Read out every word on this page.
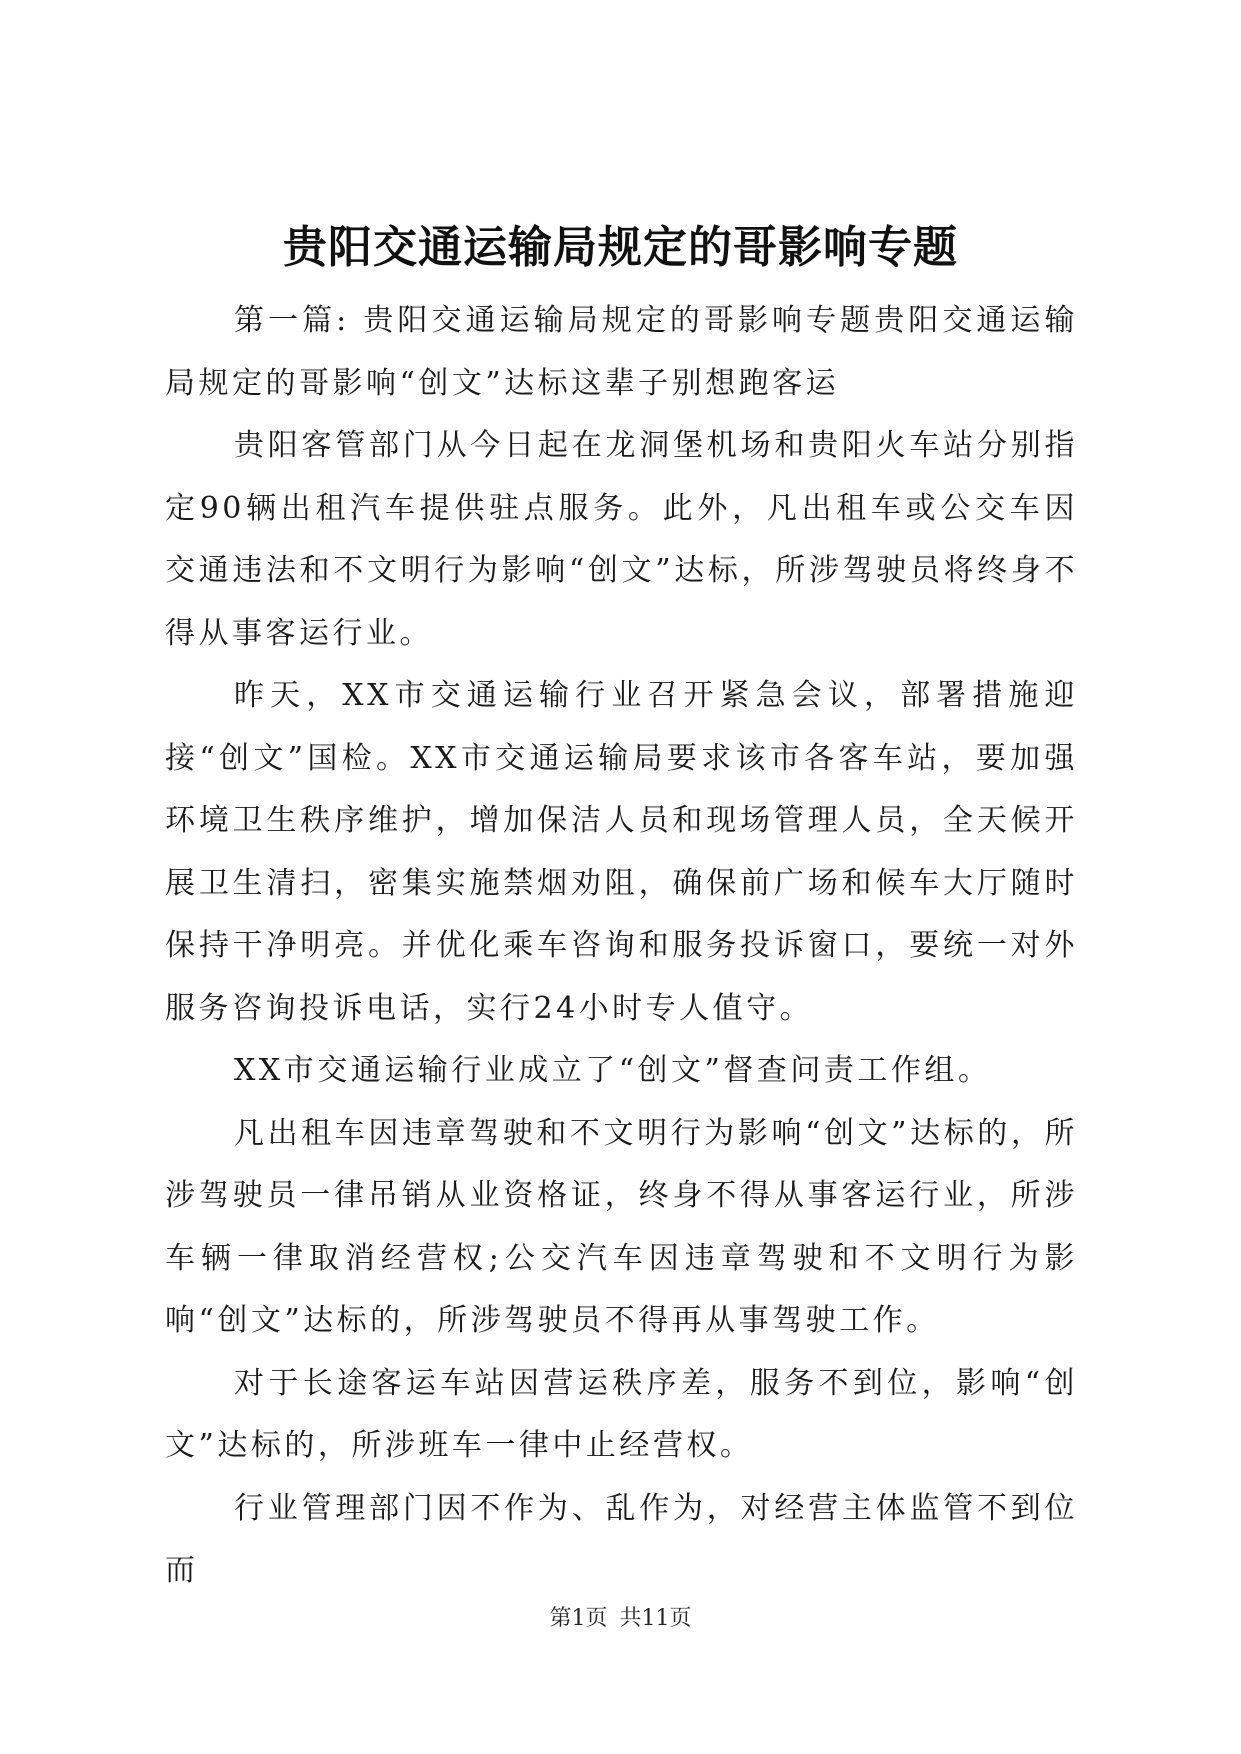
贵阳交通运输局规定的哥影响专题

第一篇: 贵阳交通运输局规定的哥影响专题贵阳交通运输局规定的哥影响“创文”达标这辈子别想跑客运

贵阳客管部门从今日起在龙洞堡机场和贵阳火车站分别指定90辆出租汽车提供驻点服务。此外，凡出租车或公交车因交通违法和不文明行为影响“创文”达标，所涉驾驶员将终身不得从事客运行业。

昨天，XX市交通运输行业召开紧急会议，部署措施迎接“创文”国检。XX市交通运输局要求该市各客车站，要加强环境卫生秩序维护，增加保洁人员和现场管理人员，全天候开展卫生清扫，密集实施禁烟劝阻，确保前广场和候车大厅随时保持干净明亮。并优化乘车咨询和服务投诉窗口，要统一对外服务咨询投诉电话，实行24小时专人值守。

XX市交通运输行业成立了“创文”督查问责工作组。

凡出租车因违章驾驶和不文明行为影响“创文”达标的，所涉驾驶员一律吊销从业资格证，终身不得从事客运行业，所涉车辆一律取消经营权;公交汽车因违章驾驶和不文明行为影响“创文”达标的，所涉驾驶员不得再从事驾驶工作。

对于长途客运车站因营运秩序差，服务不到位，影响“创文”达标的，所涉班车一律中止经营权。

行业管理部门因不作为、乱作为，对经营主体监管不到位而

第1页 共11页
